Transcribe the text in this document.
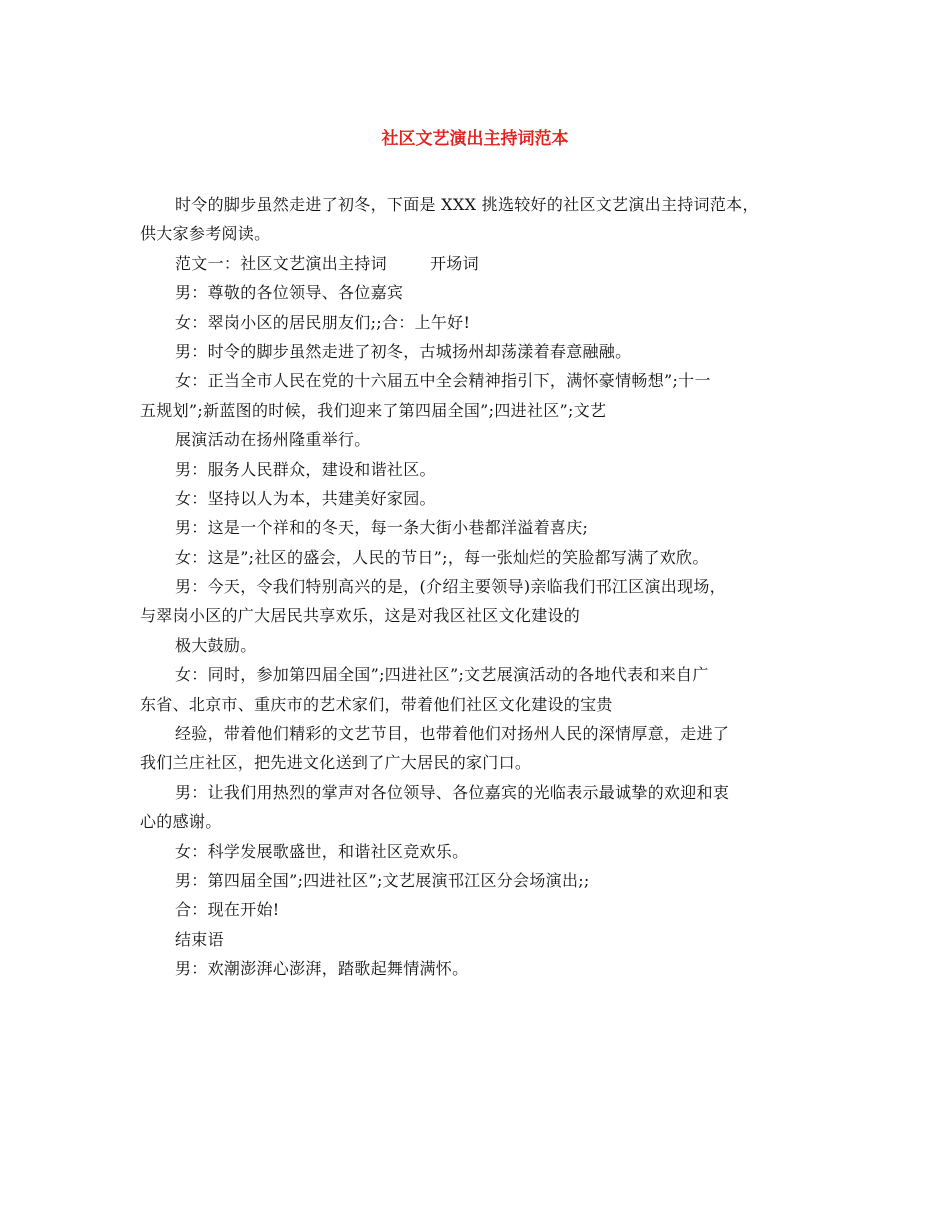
社区文艺演出主持词范本
时令的脚步虽然走进了初冬，下面是 XXX 挑选较好的社区文艺演出主持词范本，
供大家参考阅读。
范文一：社区文艺演出主持词        开场词
男：尊敬的各位领导、各位嘉宾
女：翠岗小区的居民朋友们;;合：上午好!
男：时令的脚步虽然走进了初冬，古城扬州却荡漾着春意融融。
女：正当全市人民在党的十六届五中全会精神指引下，满怀豪情畅想”;十一
五规划”;新蓝图的时候，我们迎来了第四届全国”;四进社区”;文艺
展演活动在扬州隆重举行。
男：服务人民群众，建设和谐社区。
女：坚持以人为本，共建美好家园。
男：这是一个祥和的冬天，每一条大街小巷都洋溢着喜庆;
女：这是”;社区的盛会，人民的节日”;，每一张灿烂的笑脸都写满了欢欣。
男：今天，令我们特别高兴的是，(介绍主要领导)亲临我们邗江区演出现场，
与翠岗小区的广大居民共享欢乐，这是对我区社区文化建设的
极大鼓励。
女：同时，参加第四届全国”;四进社区”;文艺展演活动的各地代表和来自广
东省、北京市、重庆市的艺术家们，带着他们社区文化建设的宝贵
经验，带着他们精彩的文艺节目，也带着他们对扬州人民的深情厚意，走进了
我们兰庄社区，把先进文化送到了广大居民的家门口。
男：让我们用热烈的掌声对各位领导、各位嘉宾的光临表示最诚挚的欢迎和衷
心的感谢。
女：科学发展歌盛世，和谐社区竞欢乐。
男：第四届全国”;四进社区”;文艺展演邗江区分会场演出;;
合：现在开始!
结束语
男：欢潮澎湃心澎湃，踏歌起舞情满怀。
